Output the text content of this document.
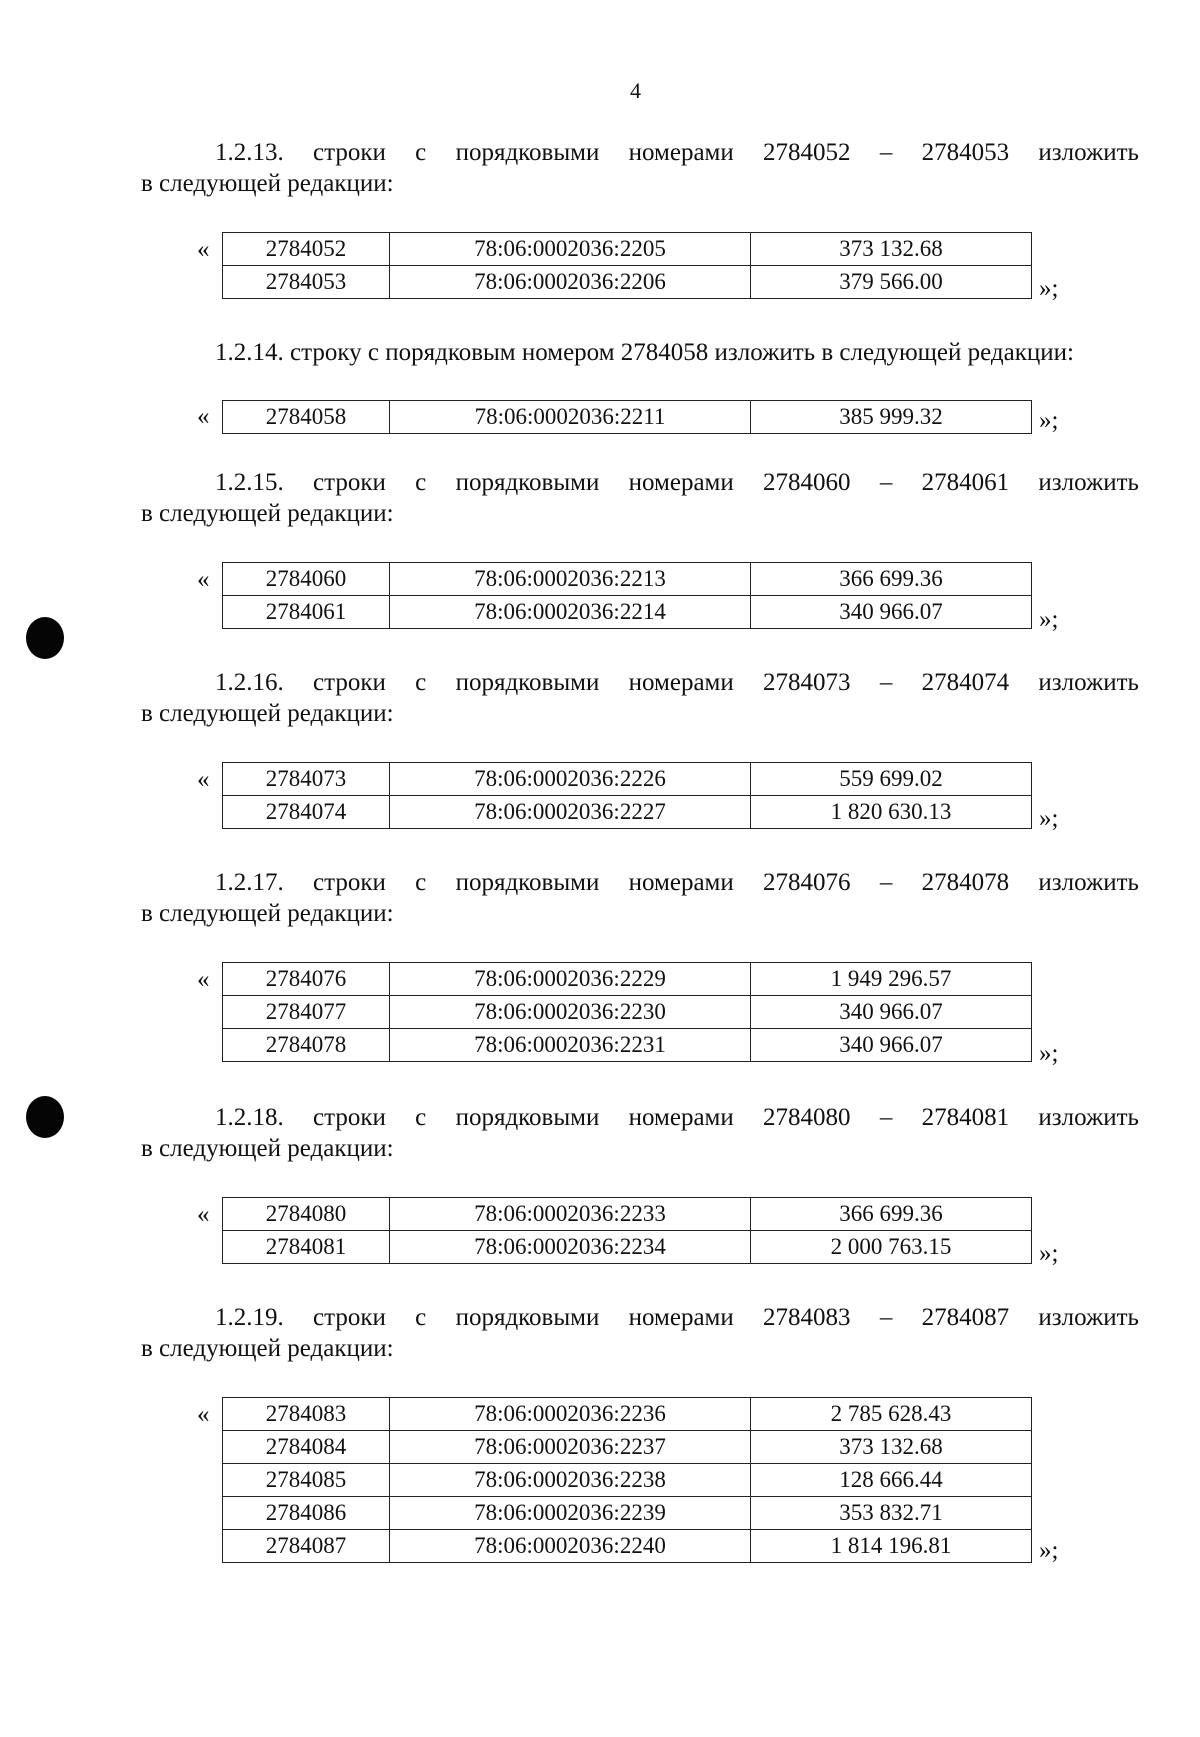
4
1.2.13. строки с порядковыми номерами 2784052 – 2784053 изложить
в следующей редакции:
« 2784052	78:06:0002036:2205	373 132.68
2784053	78:06:0002036:2206	379 566.00	»;
1.2.14. строку с порядковым номером 2784058 изложить в следующей редакции:
« 2784058	78:06:0002036:2211	385 999.32	»;
1.2.15. строки с порядковыми номерами 2784060 – 2784061 изложить
в следующей редакции:
« 2784060	78:06:0002036:2213	366 699.36
2784061	78:06:0002036:2214	340 966.07	»;
1.2.16. строки с порядковыми номерами 2784073 – 2784074 изложить
в следующей редакции:
« 2784073	78:06:0002036:2226	559 699.02
2784074	78:06:0002036:2227	1 820 630.13	»;
1.2.17. строки с порядковыми номерами 2784076 – 2784078 изложить
в следующей редакции:
« 2784076	78:06:0002036:2229	1 949 296.57
2784077	78:06:0002036:2230	340 966.07
2784078	78:06:0002036:2231	340 966.07	»;
1.2.18. строки с порядковыми номерами 2784080 – 2784081 изложить
в следующей редакции:
« 2784080	78:06:0002036:2233	366 699.36
2784081	78:06:0002036:2234	2 000 763.15	»;
1.2.19. строки с порядковыми номерами 2784083 – 2784087 изложить
в следующей редакции:
« 2784083	78:06:0002036:2236	2 785 628.43
2784084	78:06:0002036:2237	373 132.68
2784085	78:06:0002036:2238	128 666.44
2784086	78:06:0002036:2239	353 832.71
2784087	78:06:0002036:2240	1 814 196.81	»;
